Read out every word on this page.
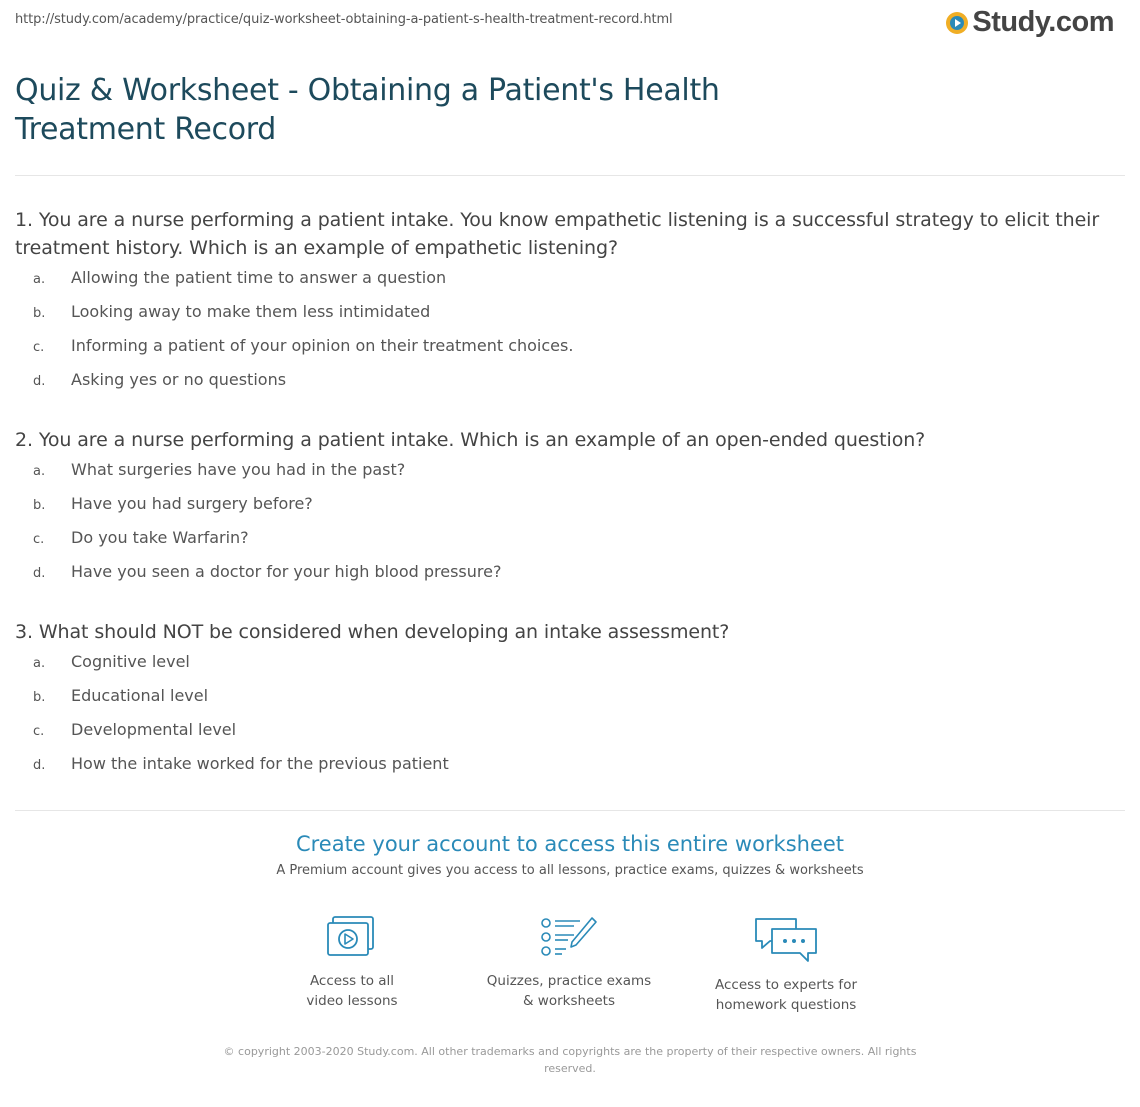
http://study.com/academy/practice/quiz-worksheet-obtaining-a-patient-s-health-treatment-record.html	Study.com
Quiz & Worksheet - Obtaining a Patient's Health Treatment Record

1. You are a nurse performing a patient intake. You know empathetic listening is a successful strategy to elicit their treatment history. Which is an example of empathetic listening?

a.	Allowing the patient time to answer a question
b.	Looking away to make them less intimidated
c.	Informing a patient of your opinion on their treatment choices.
d.	Asking yes or no questions

2. You are a nurse performing a patient intake. Which is an example of an open-ended question?

a.	What surgeries have you had in the past?
b.	Have you had surgery before?
c.	Do you take Warfarin?
d.	Have you seen a doctor for your high blood pressure?

3. What should NOT be considered when developing an intake assessment?

a.	Cognitive level
b.	Educational level
c.	Developmental level
d.	How the intake worked for the previous patient
Create your account to access this entire worksheet
A Premium account gives you access to all lessons, practice exams, quizzes & worksheets
Access to all
video lessons
Quizzes, practice exams
& worksheets
Access to experts for
homework questions
© copyright 2003-2020 Study.com. All other trademarks and copyrights are the property of their respective owners. All rights reserved.
